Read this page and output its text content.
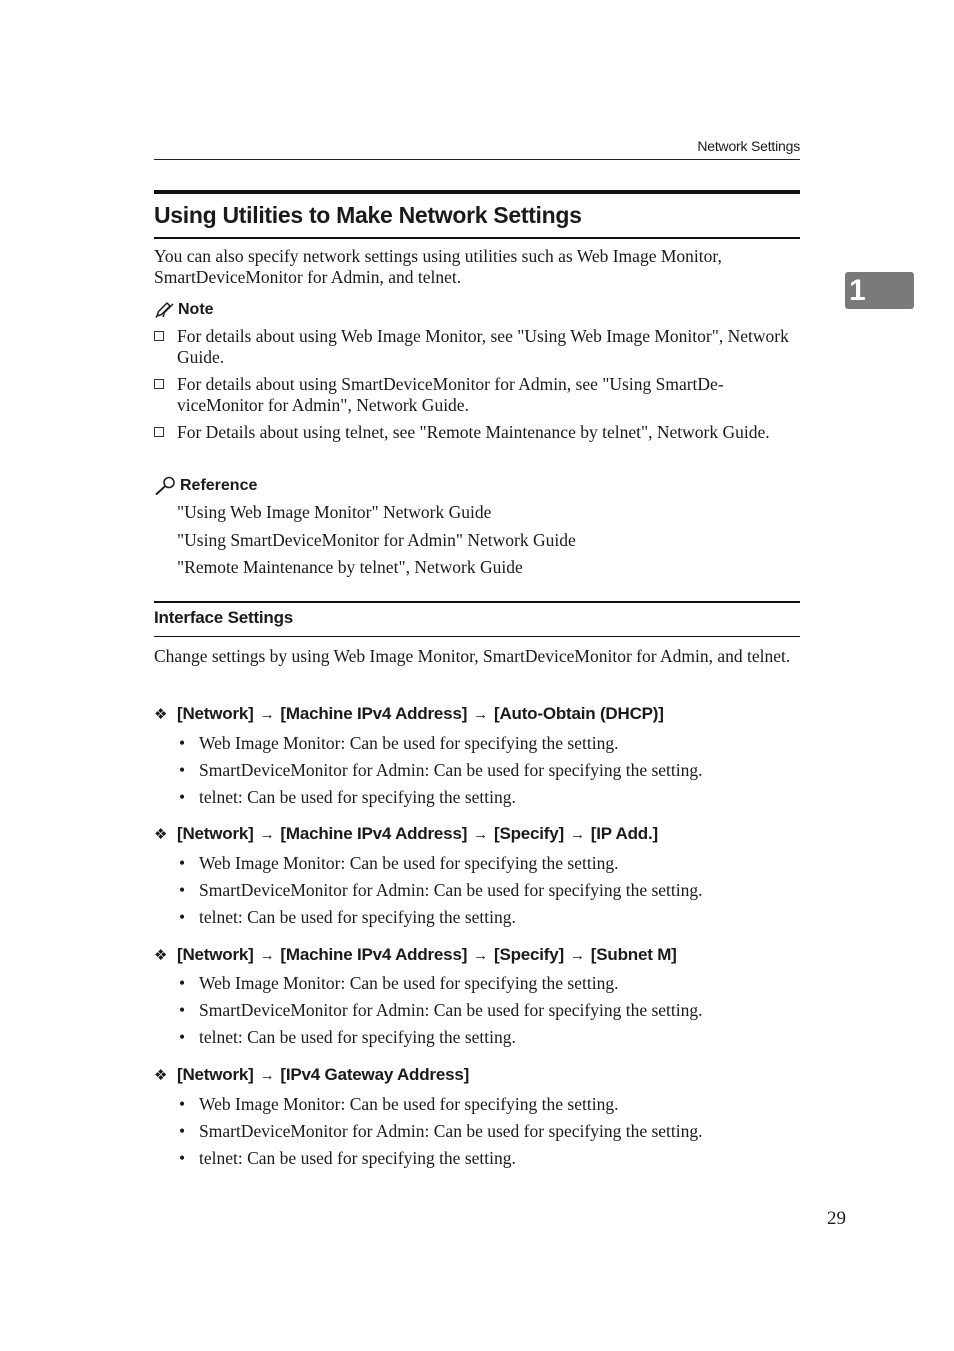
Network Settings
1
Using Utilities to Make Network Settings

You can also specify network settings using utilities such as Web Image Monitor, SmartDeviceMonitor for Admin, and telnet.

Note
For details about using Web Image Monitor, see "Using Web Image Monitor", Network Guide.
For details about using SmartDeviceMonitor for Admin, see "Using SmartDe-viceMonitor for Admin", Network Guide.
For Details about using telnet, see "Remote Maintenance by telnet", Network Guide.
Reference
"Using Web Image Monitor" Network Guide
"Using SmartDeviceMonitor for Admin" Network Guide
"Remote Maintenance by telnet", Network Guide
Interface Settings

Change settings by using Web Image Monitor, SmartDeviceMonitor for Admin, and telnet.

❖ [Network] → [Machine IPv4 Address] → [Auto-Obtain (DHCP)]
• Web Image Monitor: Can be used for specifying the setting.
• SmartDeviceMonitor for Admin: Can be used for specifying the setting.
• telnet: Can be used for specifying the setting.
❖ [Network] → [Machine IPv4 Address] → [Specify] → [IP Add.]
• Web Image Monitor: Can be used for specifying the setting.
• SmartDeviceMonitor for Admin: Can be used for specifying the setting.
• telnet: Can be used for specifying the setting.
❖ [Network] → [Machine IPv4 Address] → [Specify] → [Subnet M]
• Web Image Monitor: Can be used for specifying the setting.
• SmartDeviceMonitor for Admin: Can be used for specifying the setting.
• telnet: Can be used for specifying the setting.
❖ [Network] → [IPv4 Gateway Address]
• Web Image Monitor: Can be used for specifying the setting.
• SmartDeviceMonitor for Admin: Can be used for specifying the setting.
• telnet: Can be used for specifying the setting.
29
